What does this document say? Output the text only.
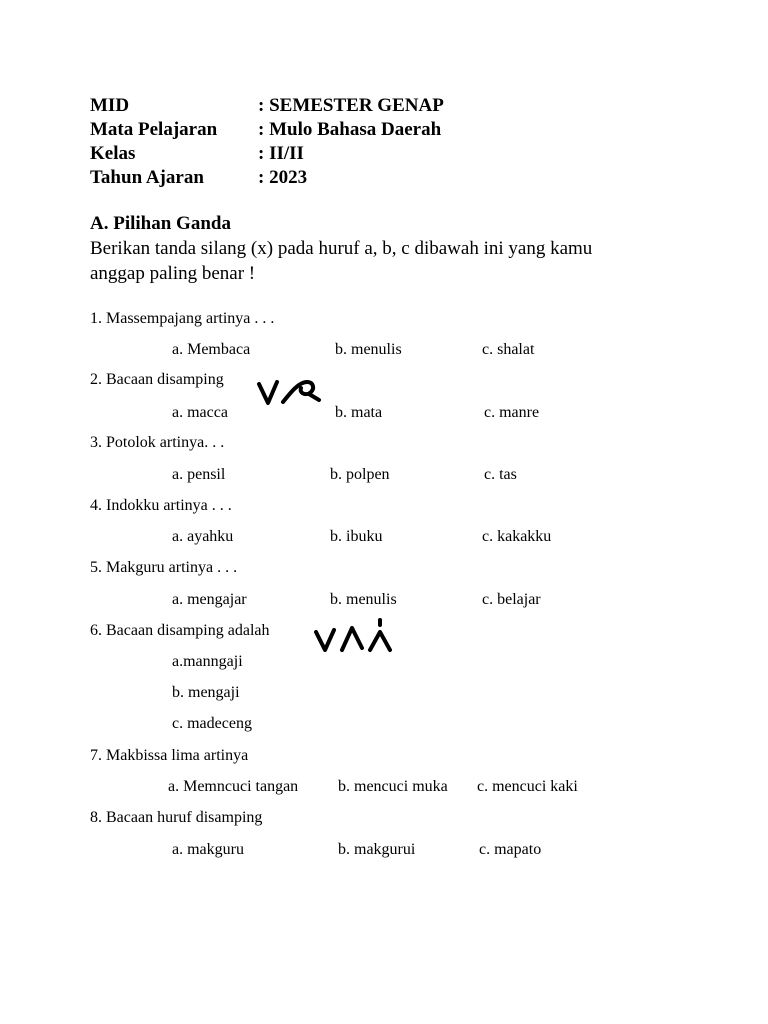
MID	: SEMESTER GENAP
Mata Pelajaran : Mulo Bahasa Daerah
Kelas	: II/II
Tahun Ajaran	: 2023
A. Pilihan Ganda
Berikan tanda silang (x) pada huruf a, b, c dibawah ini yang kamu anggap paling benar !
1. Massempajang artinya . . .
a. Membaca	b. menulis	c. shalat
2. Bacaan disamping
a. macca	b. mata	c. manre
3. Potolok artinya. . .
a. pensil	b. polpen	c. tas
4. Indokku artinya . . .
a. ayahku	b. ibuku	c. kakakku
5. Makguru artinya . . .
a. mengajar	b. menulis	c. belajar
6. Bacaan disamping adalah
a.manngaji
b. mengaji
c. madeceng
7. Makbissa lima artinya
a. Memncuci tangan b. mencuci muka c. mencuci kaki
8. Bacaan huruf disamping
a. makguru	b. makgurui	c. mapato
